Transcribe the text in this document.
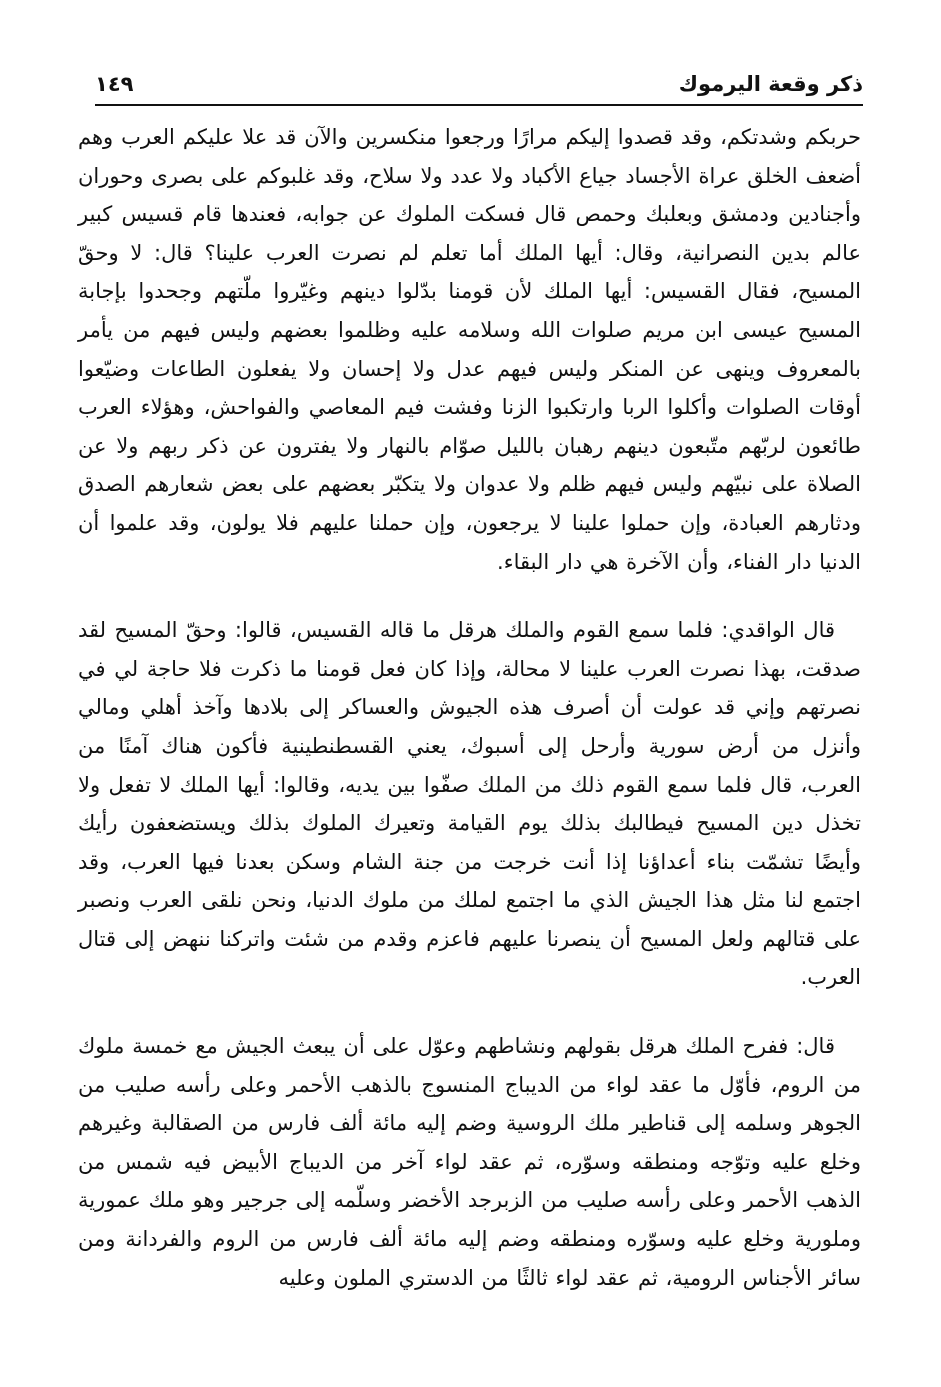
ذكر وقعة اليرموك
١٤٩

حربكم وشدتكم، وقد قصدوا إليكم مرارًا ورجعوا منكسرين والآن قد علا عليكم العرب وهم أضعف الخلق عراة الأجساد جياع الأكباد ولا عدد ولا سلاح، وقد غلبوكم على بصرى وحوران وأجنادين ودمشق وبعلبك وحمص قال فسكت الملوك عن جوابه، فعندها قام قسيس كبير عالم بدين النصرانية، وقال: أيها الملك أما تعلم لم نصرت العرب علينا؟ قال: لا وحقّ المسيح، فقال القسيس: أيها الملك لأن قومنا بدّلوا دينهم وغيّروا ملّتهم وجحدوا بإجابة المسيح عيسى ابن مريم صلوات الله وسلامه عليه وظلموا بعضهم وليس فيهم من يأمر بالمعروف وينهى عن المنكر وليس فيهم عدل ولا إحسان ولا يفعلون الطاعات وضيّعوا أوقات الصلوات وأكلوا الربا وارتكبوا الزنا وفشت فيم المعاصي والفواحش، وهؤلاء العرب طائعون لربّهم متّبعون دينهم رهبان بالليل صوّام بالنهار ولا يفترون عن ذكر ربهم ولا عن الصلاة على نبيّهم وليس فيهم ظلم ولا عدوان ولا يتكبّر بعضهم على بعض شعارهم الصدق ودثارهم العبادة، وإن حملوا علينا لا يرجعون، وإن حملنا عليهم فلا يولون، وقد علموا أن الدنيا دار الفناء، وأن الآخرة هي دار البقاء.

قال الواقدي: فلما سمع القوم والملك هرقل ما قاله القسيس، قالوا: وحقّ المسيح لقد صدقت، بهذا نصرت العرب علينا لا محالة، وإذا كان فعل قومنا ما ذكرت فلا حاجة لي في نصرتهم وإني قد عولت أن أصرف هذه الجيوش والعساكر إلى بلادها وآخذ أهلي ومالي وأنزل من أرض سورية وأرحل إلى أسبوك، يعني القسطنطينية فأكون هناك آمنًا من العرب، قال فلما سمع القوم ذلك من الملك صفّوا بين يديه، وقالوا: أيها الملك لا تفعل ولا تخذل دين المسيح فيطالبك بذلك يوم القيامة وتعيرك الملوك بذلك ويستضعفون رأيك وأيضًا تشمّت بناء أعداؤنا إذا أنت خرجت من جنة الشام وسكن بعدنا فيها العرب، وقد اجتمع لنا مثل هذا الجيش الذي ما اجتمع لملك من ملوك الدنيا، ونحن نلقى العرب ونصبر على قتالهم ولعل المسيح أن ينصرنا عليهم فاعزم وقدم من شئت واتركنا ننهض إلى قتال العرب.

قال: ففرح الملك هرقل بقولهم ونشاطهم وعوّل على أن يبعث الجيش مع خمسة ملوك من الروم، فأوّل ما عقد لواء من الديباج المنسوج بالذهب الأحمر وعلى رأسه صليب من الجوهر وسلمه إلى قناطير ملك الروسية وضم إليه مائة ألف فارس من الصقالبة وغيرهم وخلع عليه وتوّجه ومنطقه وسوّره، ثم عقد لواء آخر من الديباج الأبيض فيه شمس من الذهب الأحمر وعلى رأسه صليب من الزبرجد الأخضر وسلّمه إلى جرجير وهو ملك عمورية وملورية وخلع عليه وسوّره ومنطقه وضم إليه مائة ألف فارس من الروم والفردانة ومن سائر الأجناس الرومية، ثم عقد لواء ثالثًا من الدستري الملون وعليه
